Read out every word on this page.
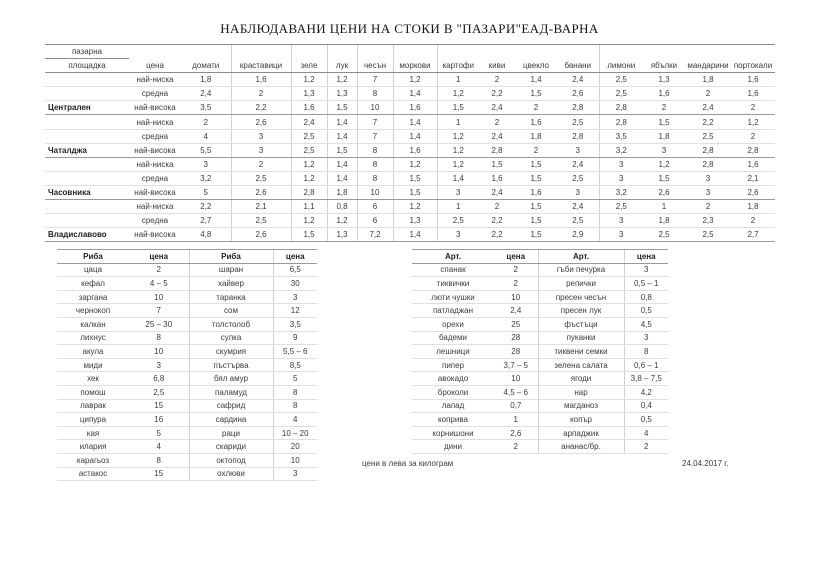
НАБЛЮДАВАНИ ЦЕНИ НА СТОКИ В "ПАЗАРИ"ЕАД-ВАРНА
пазарна															
площадка	цена	домати	краставици	зеле	лук	чесън	моркови	картофи	киви	цвекло	банани	лимони	ябълки	мандарини	портокали
	най-ниска	1,8	1,6	1,2	1,2	7	1,2	1	2	1,4	2,4	2,5	1,3	1,8	1,6
	средна	2,4	2	1,3	1,3	8	1,4	1,2	2,2	1,5	2,6	2,5	1,6	2	1,6
Централен	най-висока	3,5	2,2	1,6	1,5	10	1,6	1,5	2,4	2	2,8	2,8	2	2,4	2
	най-ниска	2	2,6	2,4	1,4	7	1,4	1	2	1,6	2,5	2,8	1,5	2,2	1,2
	средна	4	3	2,5	1,4	7	1,4	1,2	2,4	1,8	2,8	3,5	1,8	2,5	2
Чаталджа	най-висока	5,5	3	2,5	1,5	8	1,6	1,2	2,8	2	3	3,2	3	2,8	2,8
	най-ниска	3	2	1,2	1,4	8	1,2	1,2	1,5	1,5	2,4	3	1,2	2,8	1,6
	средна	3,2	2,5	1,2	1,4	8	1,5	1,4	1,6	1,5	2,5	3	1,5	3	2,1
Часовника	най-висока	5	2,6	2,8	1,8	10	1,5	3	2,4	1,6	3	3,2	2,6	3	2,6
	най-ниска	2,2	2,1	1,1	0,8	6	1,2	1	2	1,5	2,4	2,5	1	2	1,8
	средна	2,7	2,5	1,2	1,2	6	1,3	2,5	2,2	1,5	2,5	3	1,8	2,3	2
Владиславово	най-висока	4,8	2,6	1,5	1,3	7,2	1,4	3	2,2	1,5	2,9	3	2,5	2,5	2,7
Риба	цена	Риба	цена
цаца	2	шаран	6,5
кефал	4 – 5	хайвер	30
заргана	10	таранка	3
чернокоп	7	сом	12
калкан	25 – 30	толстолоб	3,5
лихнус	8	сулка	9
акула	10	скумрия	5,5 – 6
миди	3	пъстърва	8,5
хек	6,8	бял амур	5
помош	2,5	паламуд	8
лаврак	15	сафрид	8
ципура	16	сардина	4
кая	5	раци	10 – 20
илария	4	скариди	20
карагьоз	8	октопод	10
астакос	15	охлюви	3
Арт.	цена	Арт.	цена
спанак	2	гъби печурка	3
тиквички	2	репички	0,5 – 1
люти чушки	10	пресен чесън	0,8
патладжан	2,4	пресен лук	0,5
орехи	25	фъстъци	4,5
бадеми	28	пуканки	3
лешници	28	тиквени семки	8
пипер	3,7 – 5	зелена салата	0,6 – 1
авокадо	10	ягоди	3,8 – 7,5
броколи	4,5 – 6	нар	4,2
лапад	0,7	магданоз	0,4
коприва	1	копър	0,5
корнишони	2,6	арпаджик	4
дини	2	ананас/бр.	2
цени в лева за килограм	24.04.2017 г.
